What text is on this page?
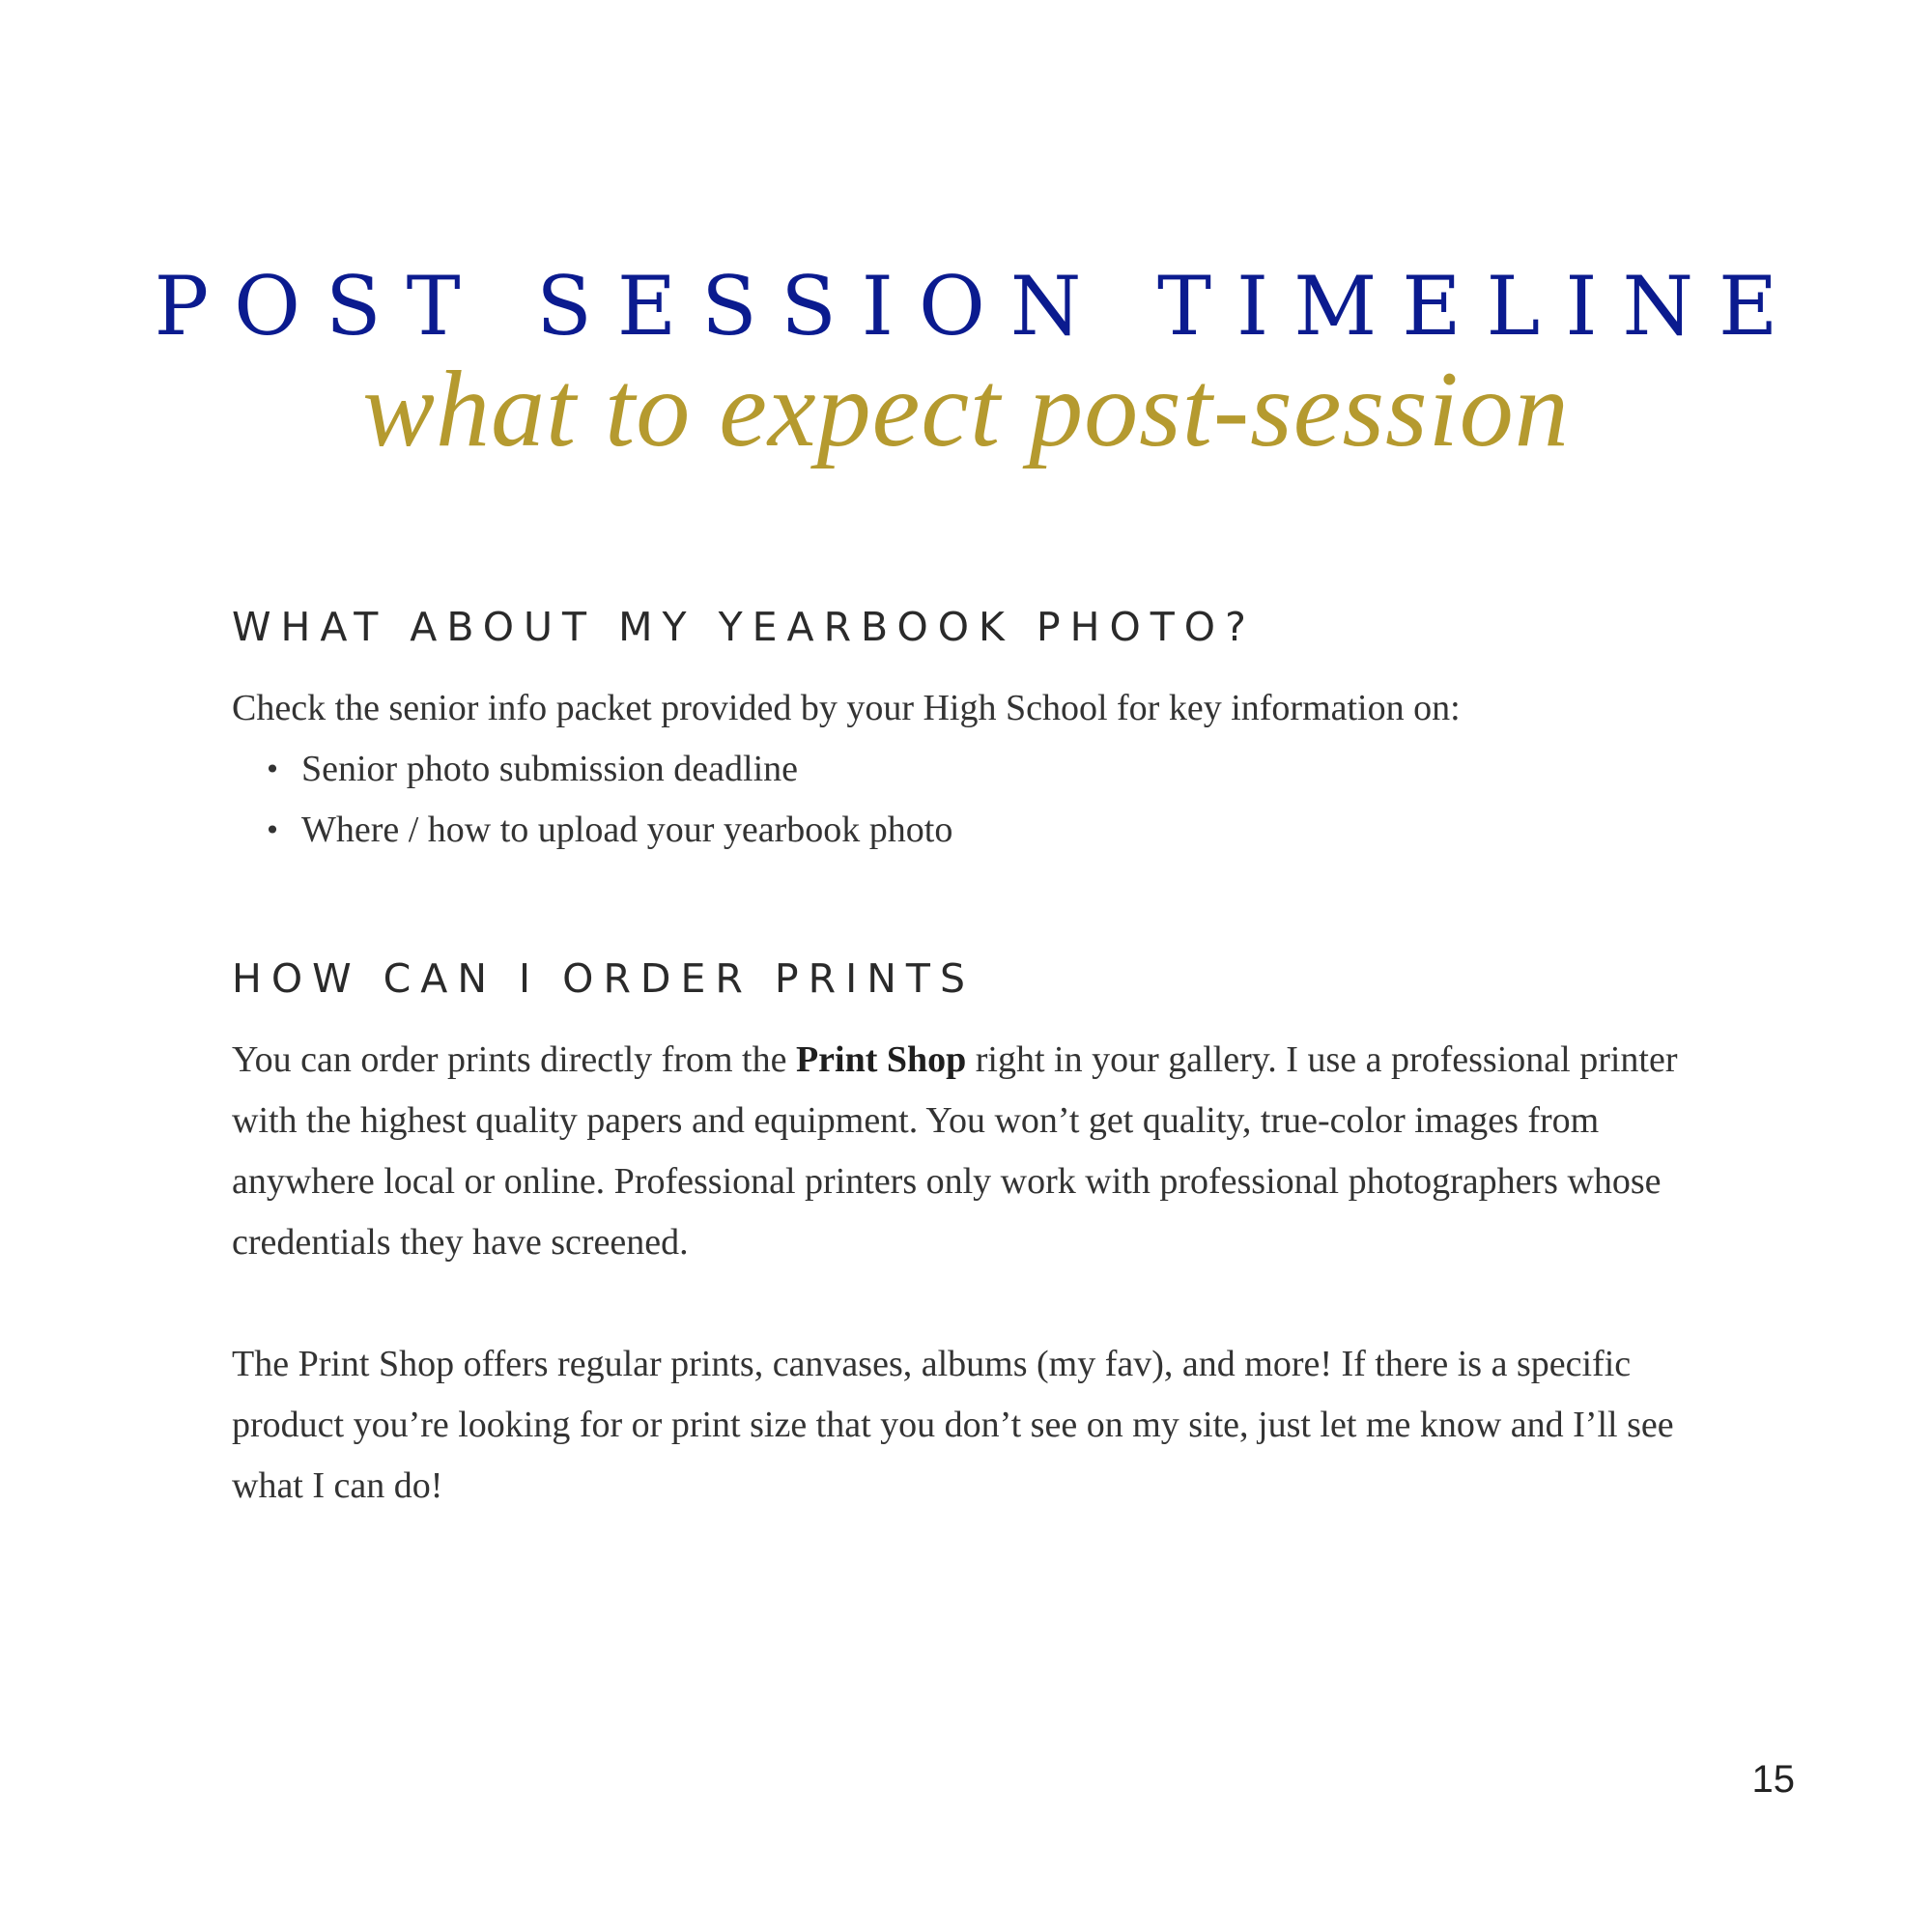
POST SESSION TIMELINE
what to expect post-session
WHAT ABOUT MY YEARBOOK PHOTO?

Check the senior info packet provided by your High School for key information on:

• Senior photo submission deadline
• Where / how to upload your yearbook photo
HOW CAN I ORDER PRINTS

You can order prints directly from the Print Shop right in your gallery. I use a professional printer with the highest quality papers and equipment. You won’t get quality, true-color images from anywhere local or online. Professional printers only work with professional photographers whose credentials they have screened.

The Print Shop offers regular prints, canvases, albums (my fav), and more! If there is a specific product you’re looking for or print size that you don’t see on my site, just let me know and I’ll see what I can do!

15
